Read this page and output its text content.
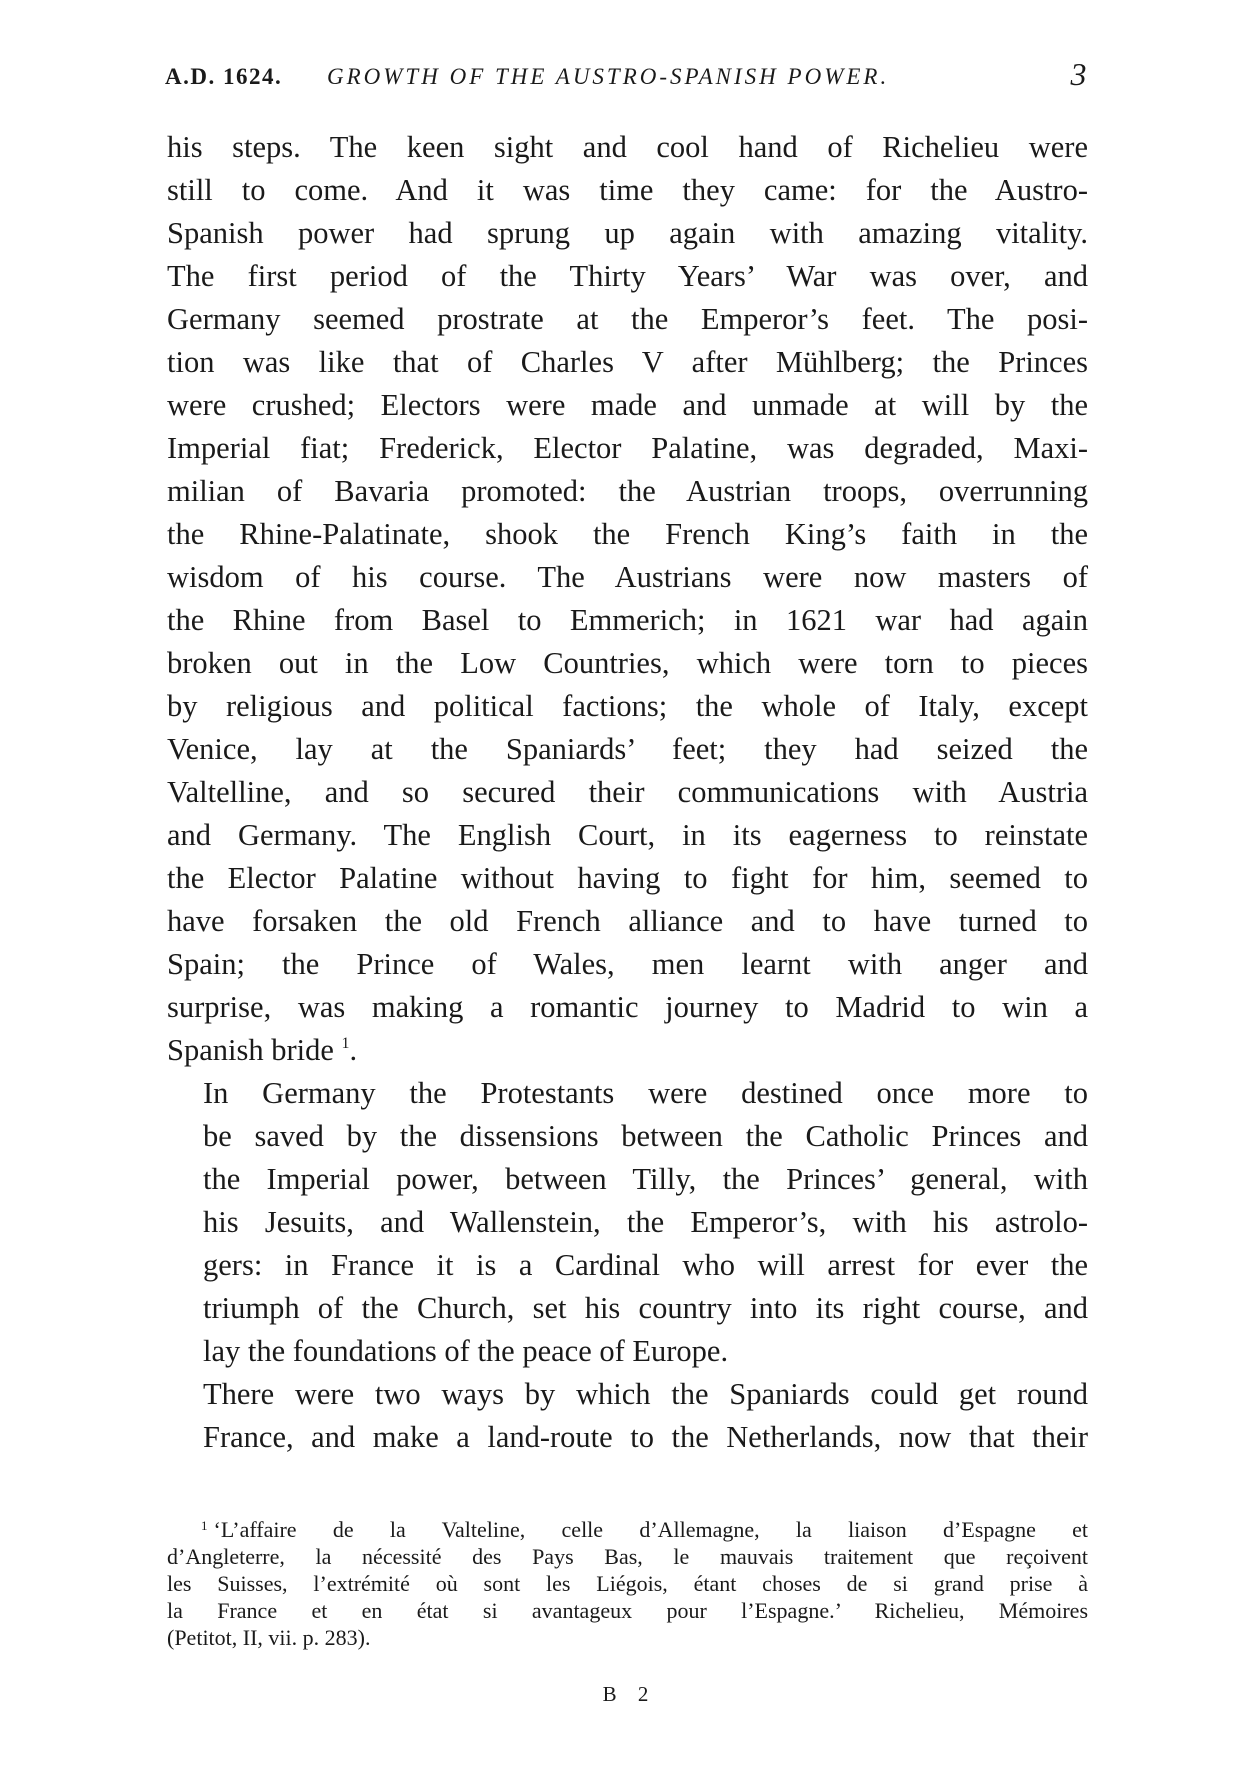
A.D. 1624. GROWTH OF THE AUSTRO-SPANISH POWER.	3

his steps. The keen sight and cool hand of Richelieu were
still to come. And it was time they came: for the Austro-
Spanish power had sprung up again with amazing vitality.
The first period of the Thirty Years’ War was over, and
Germany seemed prostrate at the Emperor’s feet. The posi-
tion was like that of Charles V after Mühlberg; the Princes
were crushed; Electors were made and unmade at will by the
Imperial fiat; Frederick, Elector Palatine, was degraded, Maxi-
milian of Bavaria promoted: the Austrian troops, overrunning
the Rhine-Palatinate, shook the French King’s faith in the
wisdom of his course. The Austrians were now masters of
the Rhine from Basel to Emmerich; in 1621 war had again
broken out in the Low Countries, which were torn to pieces
by religious and political factions; the whole of Italy, except
Venice, lay at the Spaniards’ feet; they had seized the
Valtelline, and so secured their communications with Austria
and Germany. The English Court, in its eagerness to reinstate
the Elector Palatine without having to fight for him, seemed to
have forsaken the old French alliance and to have turned to
Spain; the Prince of Wales, men learnt with anger and
surprise, was making a romantic journey to Madrid to win a
Spanish bride $^1$.

In Germany the Protestants were destined once more to
be saved by the dissensions between the Catholic Princes and
the Imperial power, between Tilly, the Princes’ general, with
his Jesuits, and Wallenstein, the Emperor’s, with his astrolo-
gers: in France it is a Cardinal who will arrest for ever the
triumph of the Church, set his country into its right course, and
lay the foundations of the peace of Europe.

There were two ways by which the Spaniards could get round
France, and make a land-route to the Netherlands, now that their

$^1$ ‘L’affaire de la Valteline, celle d’Allemagne, la liaison d’Espagne et
d’Angleterre, la nécessité des Pays Bas, le mauvais traitement que reçoivent
les Suisses, l’extrémité où sont les Liégois, étant choses de si grand prise à
la France et en état si avantageux pour l’Espagne.’ Richelieu, Mémoires
(Petitot, II, vii. p. 283).
B 2
